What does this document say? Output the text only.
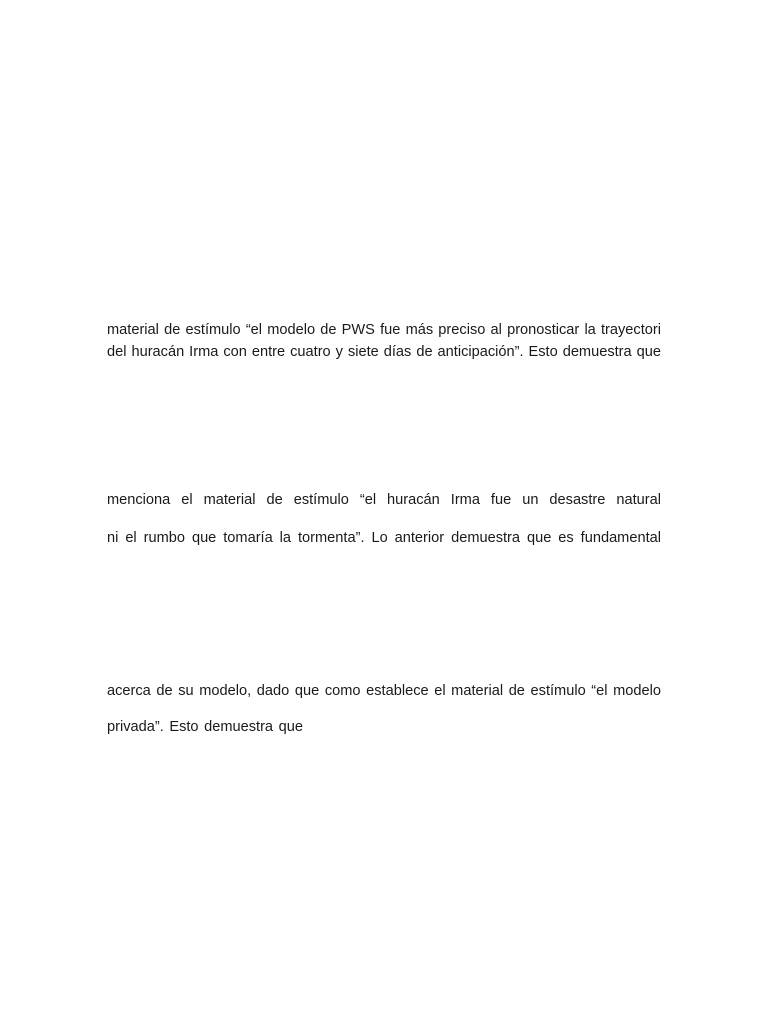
material de estímulo “el modelo de PWS fue más preciso al pronosticar la trayectori
del huracán Irma con entre cuatro y siete días de anticipación”. Esto demuestra que
menciona el material de estímulo “el huracán Irma fue un desastre natural
ni el rumbo que tomaría la tormenta”. Lo anterior demuestra que es fundamental
acerca de su modelo, dado que como establece el material de estímulo “el modelo
privada”. Esto demuestra que
